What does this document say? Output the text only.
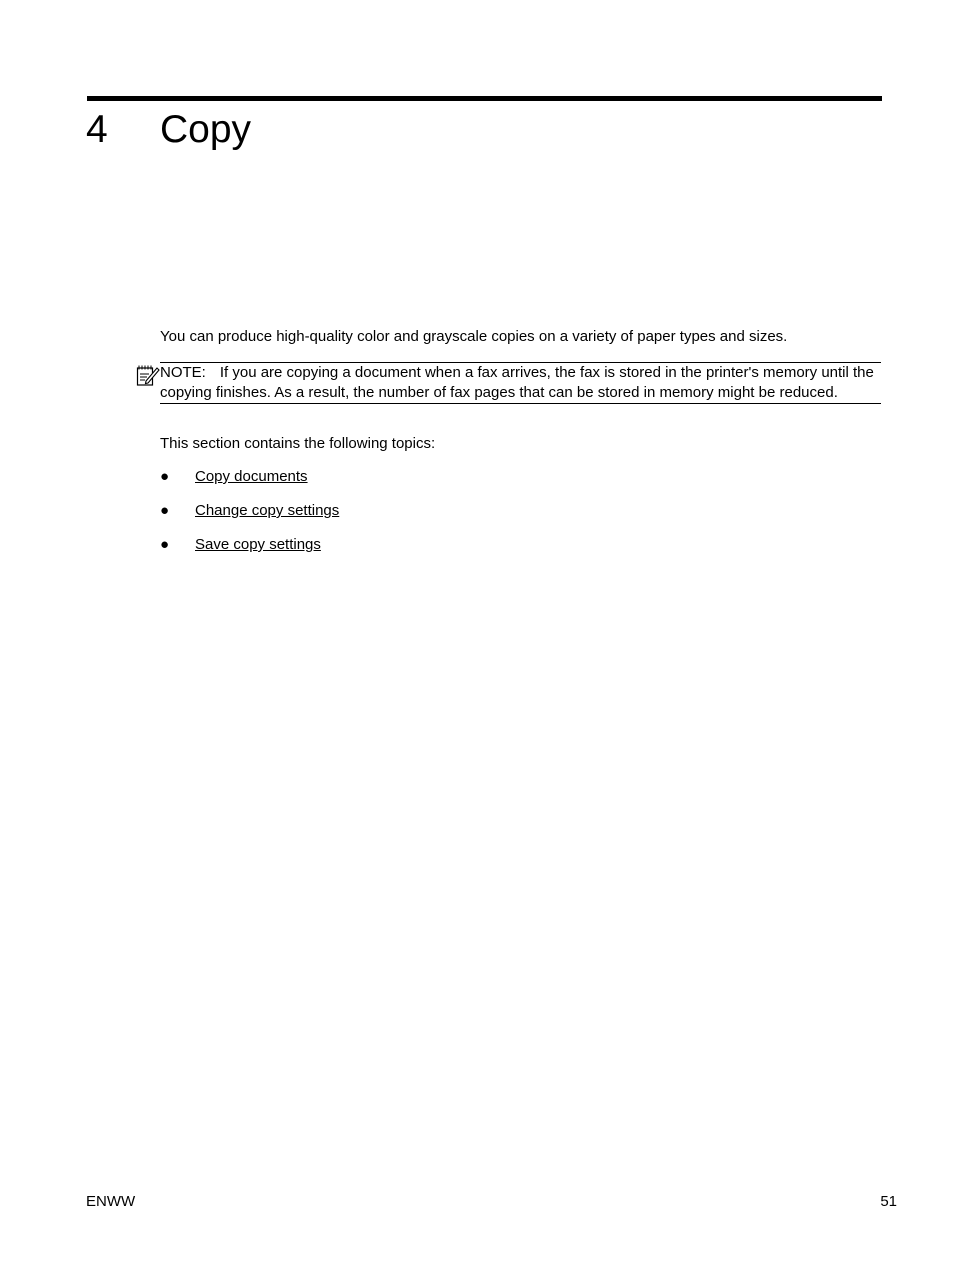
4 Copy

You can produce high-quality color and grayscale copies on a variety of paper types and sizes.

NOTE: If you are copying a document when a fax arrives, the fax is stored in the printer's memory until the copying finishes. As a result, the number of fax pages that can be stored in memory might be reduced.

This section contains the following topics:

● Copy documents
● Change copy settings
● Save copy settings
ENWW	51
